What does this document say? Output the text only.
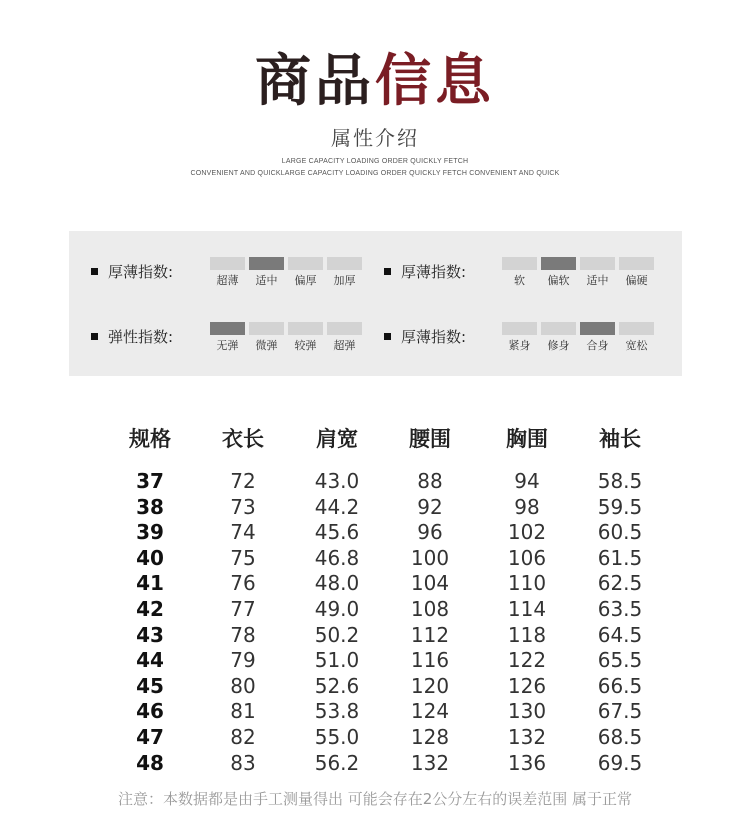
商品信息
属性介绍
LARGE CAPACITY LOADING ORDER QUICKLY FETCH
CONVENIENT AND QUICKLARGE CAPACITY LOADING ORDER QUICKLY FETCH CONVENIENT AND QUICK
厚薄指数:	超薄	适中	偏厚	加厚	厚薄指数:	软	偏软	适中	偏硬
弹性指数:	无弹	微弹	较弹	超弹	厚薄指数:	紧身	修身	合身	宽松
规格	衣长	肩宽	腰围	胸围	袖长
37	72	43.0	88	94	58.5
38	73	44.2	92	98	59.5
39	74	45.6	96	102	60.5
40	75	46.8	100	106	61.5
41	76	48.0	104	110	62.5
42	77	49.0	108	114	63.5
43	78	50.2	112	118	64.5
44	79	51.0	116	122	65.5
45	80	52.6	120	126	66.5
46	81	53.8	124	130	67.5
47	82	55.0	128	132	68.5
48	83	56.2	132	136	69.5
注意：本数据都是由手工测量得出 可能会存在2公分左右的误差范围 属于正常
